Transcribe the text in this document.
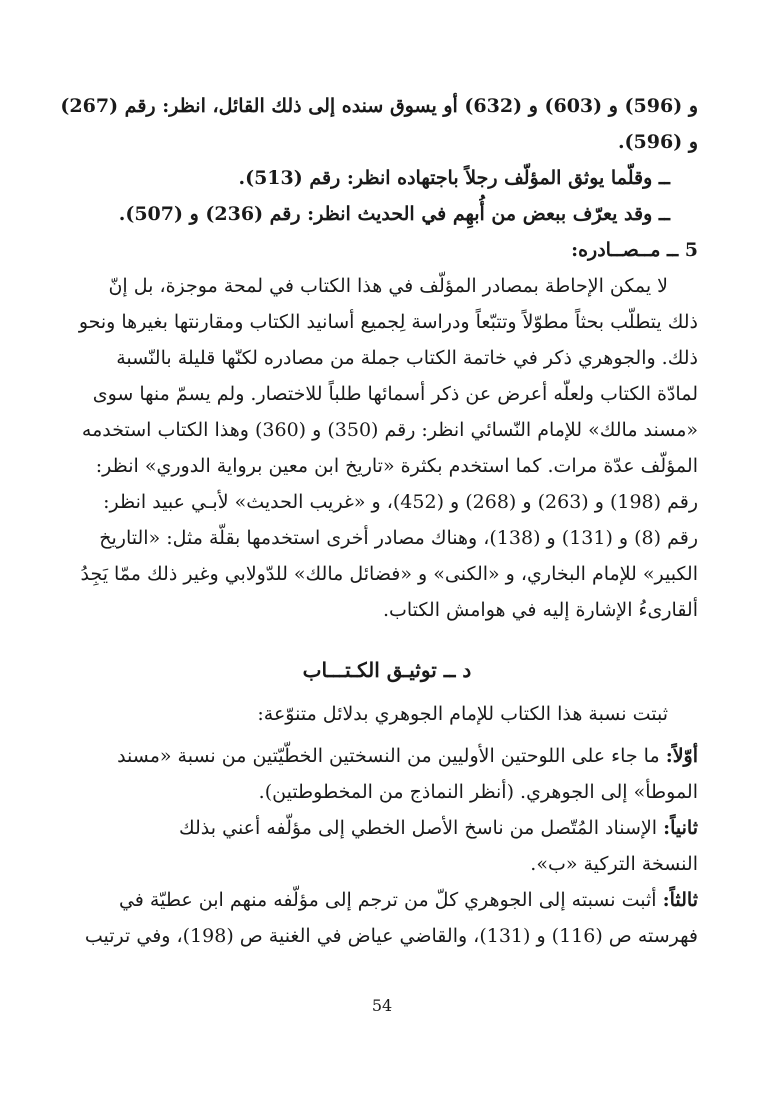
و (596) و (603) و (632) أو يسوق سنده إلى ذلك القائل، انظر: رقم (267)
و (596).
ــ وقلّما يوثق المؤلّف رجلاً باجتهاده انظر: رقم (513).
ــ وقد يعرّف ببعض من أُبهِم في الحديث انظر: رقم (236) و (507).
5 ــ مــصــادره:
لا يمكن الإحاطة بمصادر المؤلّف في هذا الكتاب في لمحة موجزة، بل إنّ
ذلك يتطلّب بحثاً مطوّلاً وتتبّعاً ودراسة لِجميع أسانيد الكتاب ومقارنتها بغيرها ونحو
ذلك. والجوهري ذكر في خاتمة الكتاب جملة من مصادره لكنّها قليلة بالنّسبة
لمادّة الكتاب ولعلّه أعرض عن ذكر أسمائها طلباً للاختصار. ولم يسمّ منها سوى
«مسند مالك» للإمام النّسائي انظر: رقم (350) و (360) وهذا الكتاب استخدمه
المؤلّف عدّة مرات. كما استخدم بكثرة «تاريخ ابن معين برواية الدوري» انظر:
رقم (198) و (263) و (268) و (452)، و «غريب الحديث» لأبـي عبيد انظر:
رقم (8) و (131) و (138)، وهناك مصادر أخرى استخدمها بقلّة مثل: «التاريخ
الكبير» للإمام البخاري، و «الكنى» و «فضائل مالك» للدّولابي وغير ذلك ممّا يَجِدُ
ألقارىءُ الإشارة إليه في هوامش الكتاب.
د ــ توثيـق الكـتـــاب
ثبتت نسبة هذا الكتاب للإمام الجوهري بدلائل متنوّعة:
أوّلاً: ما جاء على اللوحتين الأوليين من النسختين الخطّيّتين من نسبة «مسند
الموطأ» إلى الجوهري. (أنظر النماذج من المخطوطتين).
ثانياً: الإسناد المُتّصل من ناسخ الأصل الخطي إلى مؤلّفه أعني بذلك
النسخة التركية «ب».
ثالثاً: أثبت نسبته إلى الجوهري كلّ من ترجم إلى مؤلّفه منهم ابن عطيّة في
فهرسته ص (116) و (131)، والقاضي عياض في الغنية ص (198)، وفي ترتيب
54
